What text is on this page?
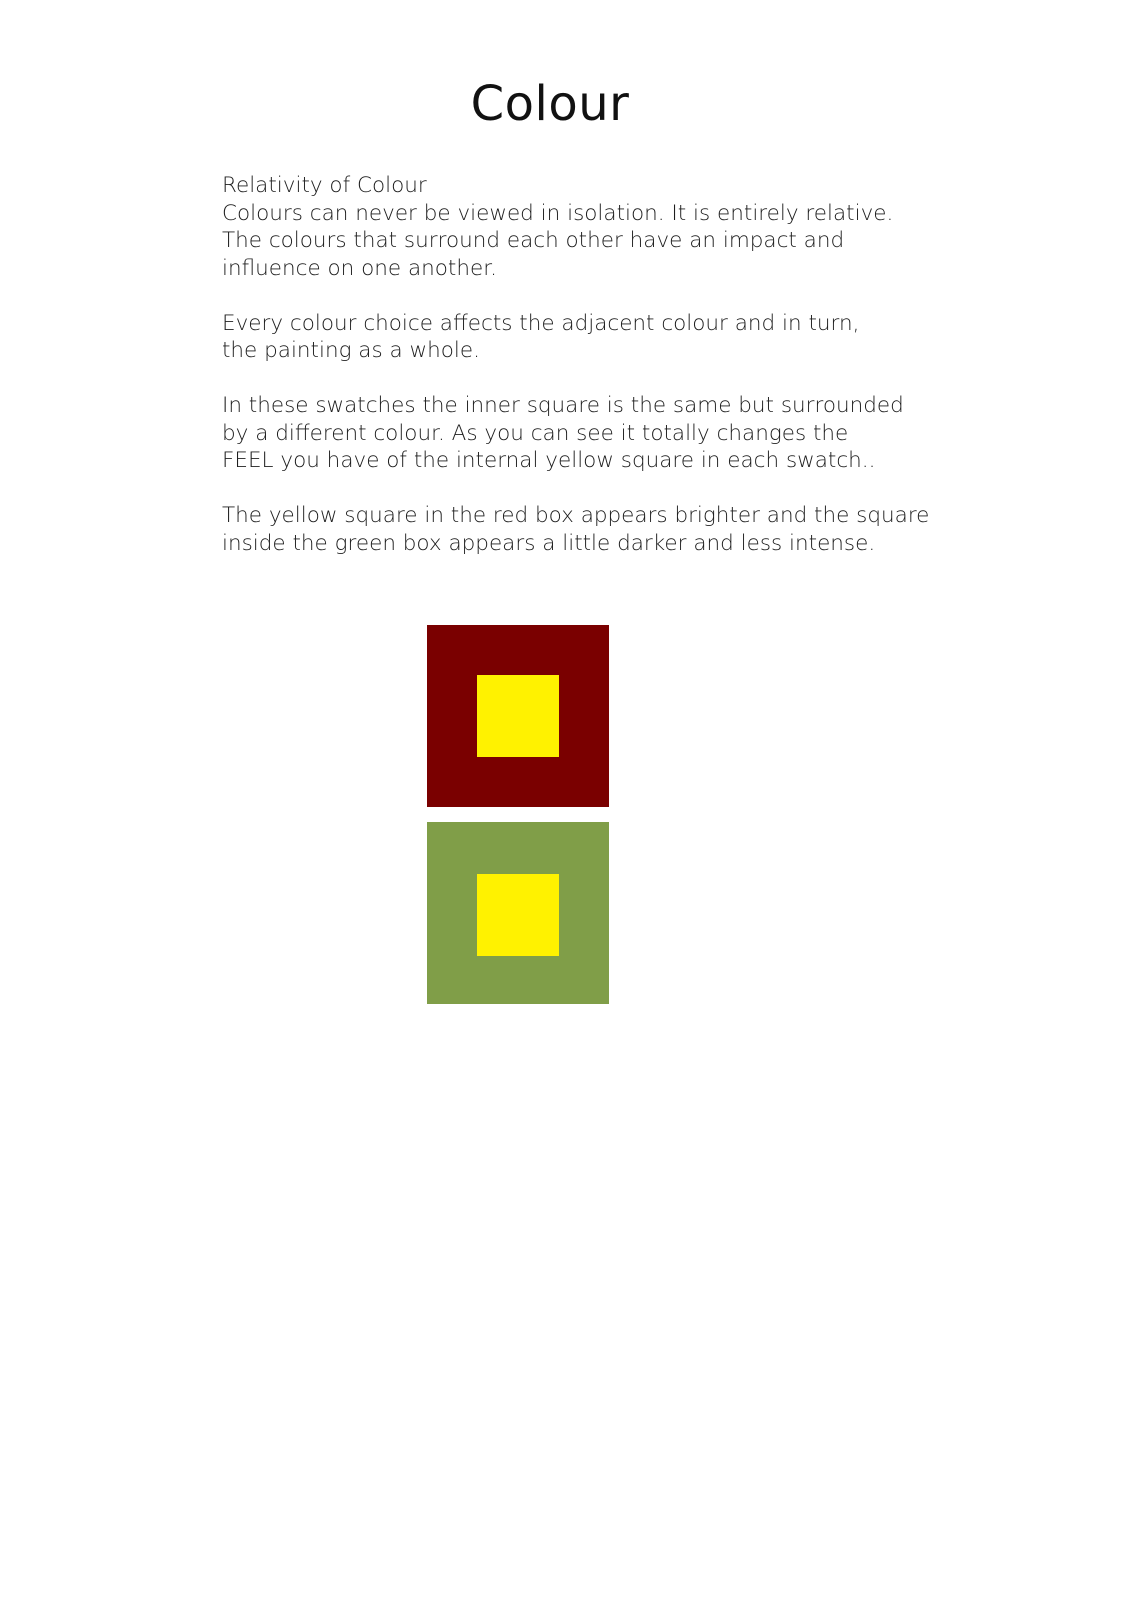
Colour
Relativity of Colour
Colours can never be viewed in isolation. It is entirely relative.
The colours that surround each other have an impact and
influence on one another.
Every colour choice affects the adjacent colour and in turn,
the painting as a whole.
In these swatches the inner square is the same but surrounded
by a different colour. As you can see it totally changes the
FEEL you have of the internal yellow square in each swatch..
The yellow square in the red box appears brighter and the square
inside the green box appears a little darker and less intense.
